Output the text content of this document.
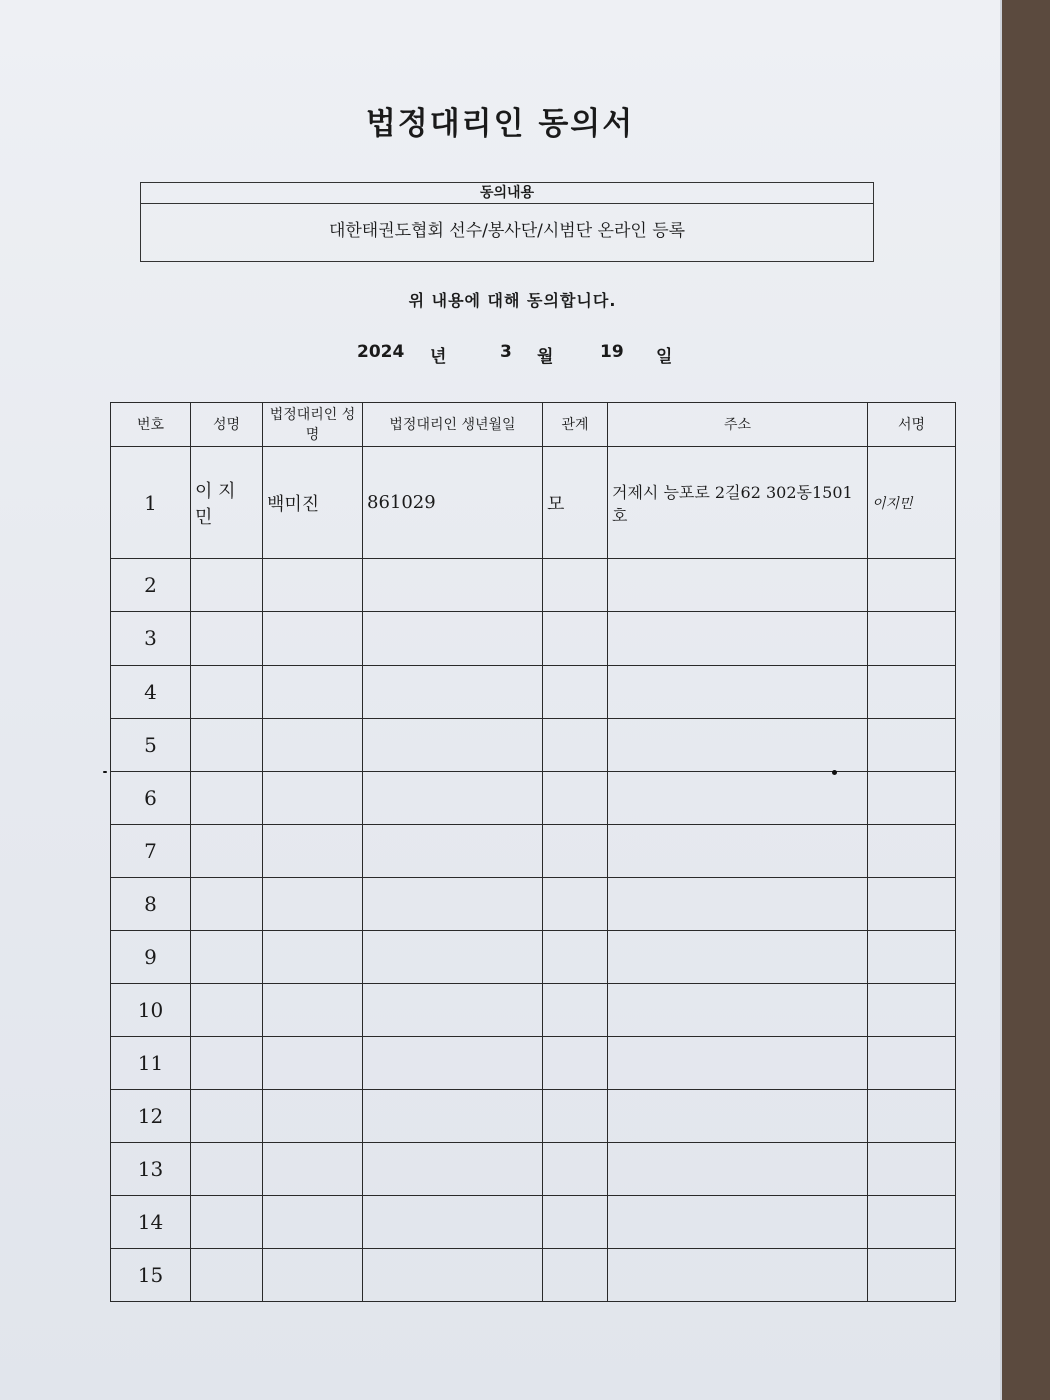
법정대리인 동의서
동의내용
대한태권도협회 선수/봉사단/시범단 온라인 등록
위 내용에 대해 동의합니다.
2024 년	3 월	19 일
번호	성명	법정대리인 성명	법정대리인 생년월일	관계	주소	서명
1	이 지 민	백미진	861029	모	거제시 능포로 2길62 302동1501호	이지민
2						
3						
4						
5						
6						
7						
8						
9						
10						
11						
12						
13						
14						
15						
